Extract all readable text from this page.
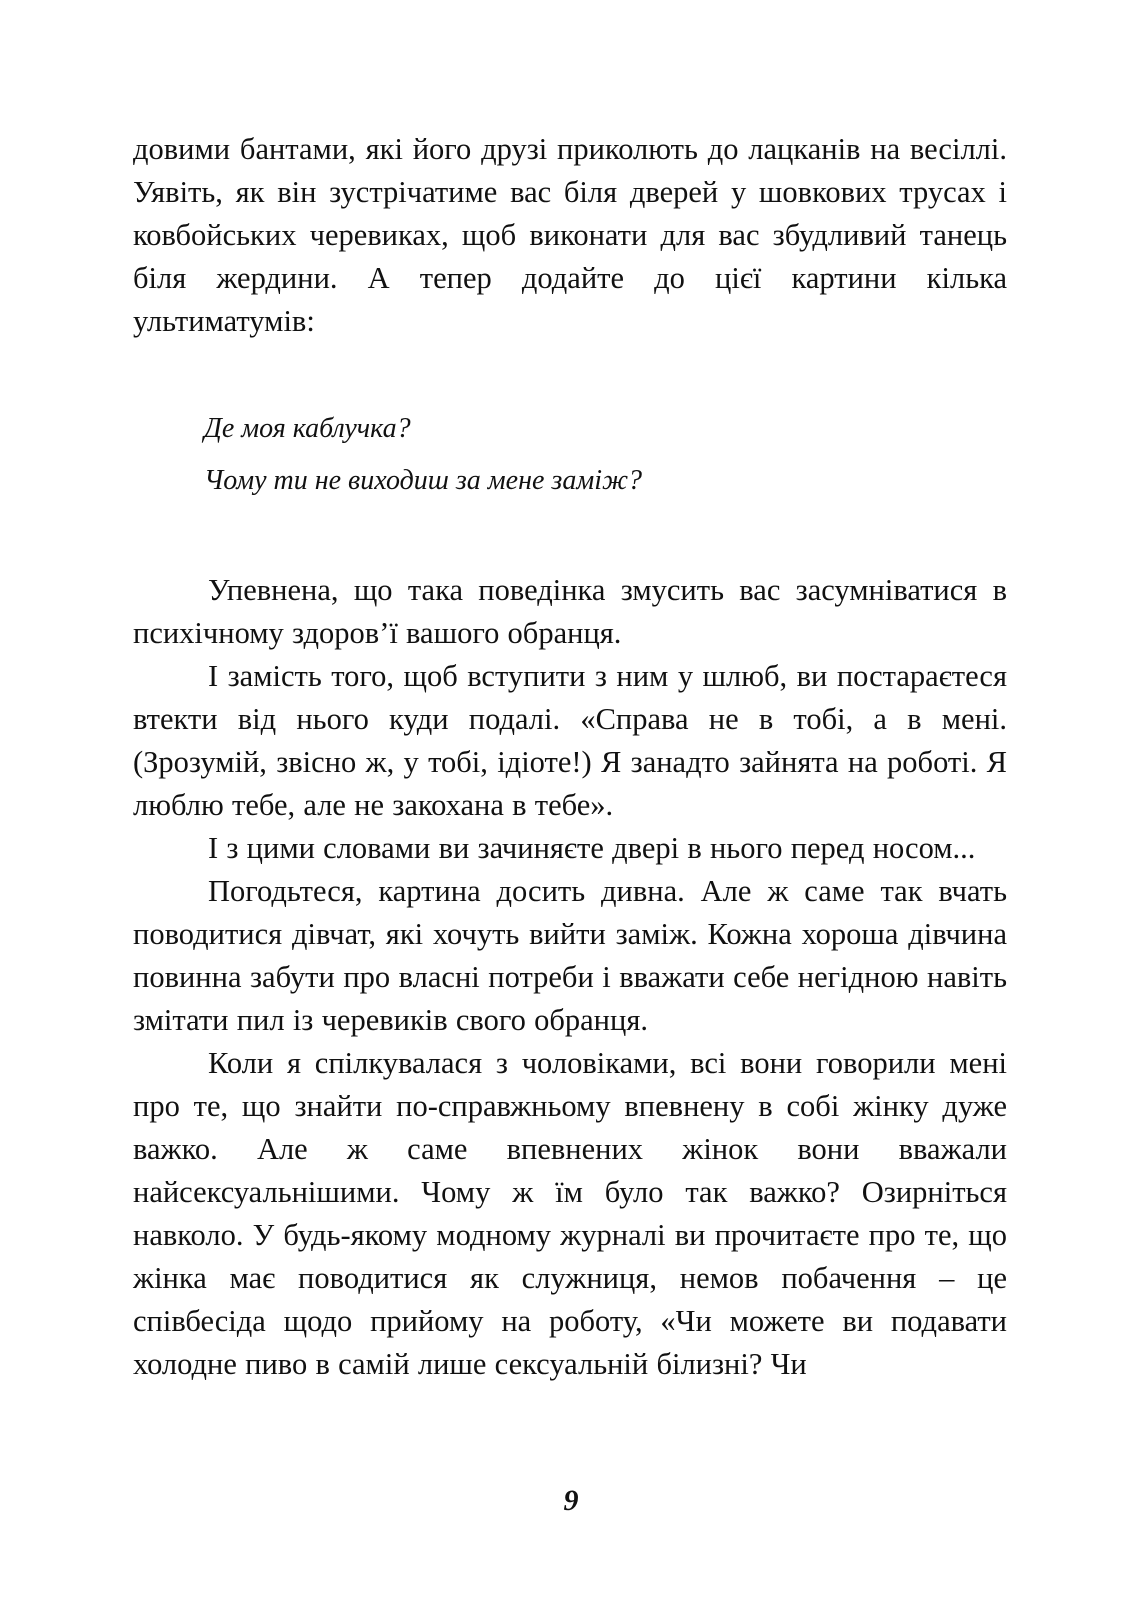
довими бантами, які його друзі приколють до лацканів на весіллі. Уявіть, як він зустрічатиме вас біля дверей у шовкових трусах і ковбойських черевиках, щоб виконати для вас збудливий танець біля жердини. А тепер додайте до цієї картини кілька ультиматумів:

Де моя каблучка?

Чому ти не виходиш за мене заміж?

Упевнена, що така поведінка змусить вас засумніватися в психічному здоров’ї вашого обранця.

І замість того, щоб вступити з ним у шлюб, ви постараєтеся втекти від нього куди подалі. «Справа не в тобі, а в мені. (Зрозумій, звісно ж, у тобі, ідіоте!) Я занадто зайнята на роботі. Я люблю тебе, але не закохана в тебе».

І з цими словами ви зачиняєте двері в нього перед носом...

Погодьтеся, картина досить дивна. Але ж саме так вчать поводитися дівчат, які хочуть вийти заміж. Кожна хороша дівчина повинна забути про власні потреби і вважати себе негідною навіть змітати пил із черевиків свого обранця.

Коли я спілкувалася з чоловіками, всі вони говорили мені про те, що знайти по-справжньому впевнену в собі жінку дуже важко. Але ж саме впевнених жінок вони вважали найсексуальнішими. Чому ж їм було так важко? Озирніться навколо. У будь-якому модному журналі ви прочитаєте про те, що жінка має поводитися як служниця, немов побачення – це співбесіда щодо прийому на роботу, «Чи можете ви подавати холодне пиво в самій лише сексуальній білизні? Чи

9
